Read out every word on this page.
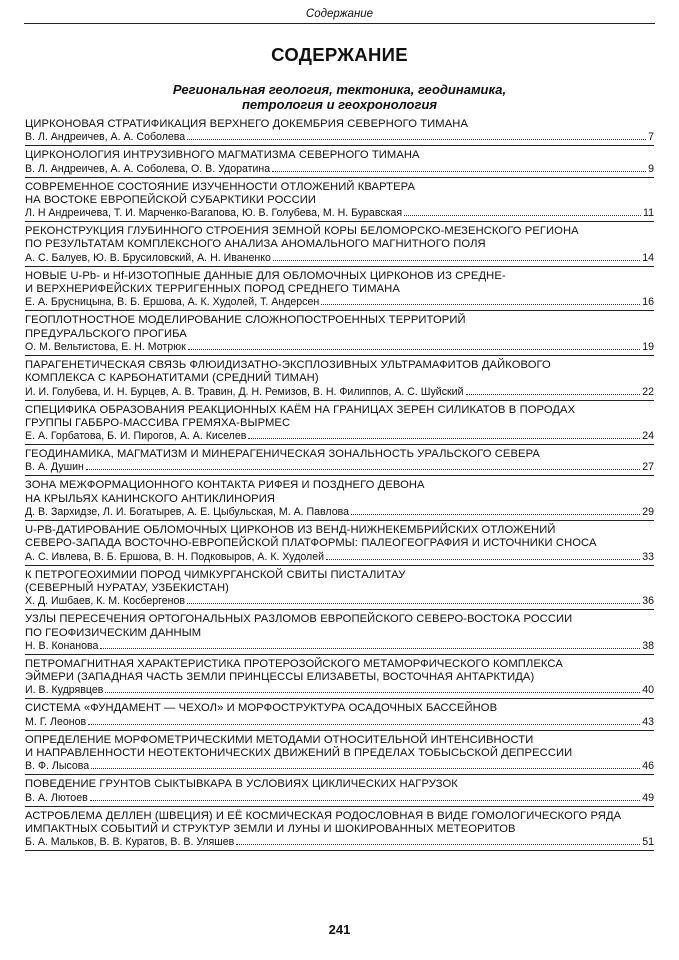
Содержание
СОДЕРЖАНИЕ
Региональная геология, тектоника, геодинамика,
петрология и геохронология
ЦИРКОНОВАЯ СТРАТИФИКАЦИЯ ВЕРХНЕГО ДОКЕМБРИЯ СЕВЕРНОГО ТИМАНА
В. Л. Андреичев, А. А. Соболева	7
ЦИРКОНОЛОГИЯ ИНТРУЗИВНОГО МАГМАТИЗМА СЕВЕРНОГО ТИМАНА
В. Л. Андреичев, А. А. Соболева, О. В. Удоратина	9
СОВРЕМЕННОЕ СОСТОЯНИЕ ИЗУЧЕННОСТИ ОТЛОЖЕНИЙ КВАРТЕРА
НА ВОСТОКЕ ЕВРОПЕЙСКОЙ СУБАРКТИКИ РОССИИ
Л. Н Андреичева, Т. И. Марченко-Вагапова, Ю. В. Голубева, М. Н. Буравская	11
РЕКОНСТРУКЦИЯ ГЛУБИННОГО СТРОЕНИЯ ЗЕМНОЙ КОРЫ БЕЛОМОРСКО-МЕЗЕНСКОГО РЕГИОНА
ПО РЕЗУЛЬТАТАМ КОМПЛЕКСНОГО АНАЛИЗА АНОМАЛЬНОГО МАГНИТНОГО ПОЛЯ
А. С. Балуев, Ю. В. Брусиловский, А. Н. Иваненко	14
НОВЫЕ U-Pb- и Hf-ИЗОТОПНЫЕ ДАННЫЕ ДЛЯ ОБЛОМОЧНЫХ ЦИРКОНОВ ИЗ СРЕДНЕ-
И ВЕРХНЕРИФЕЙСКИХ ТЕРРИГЕННЫХ ПОРОД СРЕДНЕГО ТИМАНА
Е. А. Брусницына, В. Б. Ершова, А. К. Худолей, Т. Андерсен	16
ГЕОПЛОТНОСТНОЕ МОДЕЛИРОВАНИЕ СЛОЖНОПОСТРОЕННЫХ ТЕРРИТОРИЙ
ПРЕДУРАЛЬСКОГО ПРОГИБА
О. М. Вельтистова, Е. Н. Мотрюк	19
ПАРАГЕНЕТИЧЕСКАЯ СВЯЗЬ ФЛЮИДИЗАТНО-ЭКСПЛОЗИВНЫХ УЛЬТРАМАФИТОВ ДАЙКОВОГО
КОМПЛЕКСА С КАРБОНАТИТАМИ (СРЕДНИЙ ТИМАН)
И. И. Голубева, И. Н. Бурцев, А. В. Травин, Д. Н. Ремизов, В. Н. Филиппов, А. С. Шуйский	22
СПЕЦИФИКА ОБРАЗОВАНИЯ РЕАКЦИОННЫХ КАЁМ НА ГРАНИЦАХ ЗЕРЕН СИЛИКАТОВ В ПОРОДАХ
ГРУППЫ ГАББРО-МАССИВА ГРЕМЯХА-ВЫРМЕС
Е. А. Горбатова, Б. И. Пирогов, А. А. Киселев	24
ГЕОДИНАМИКА, МАГМАТИЗМ И МИНЕРАГЕНИЧЕСКАЯ ЗОНАЛЬНОСТЬ УРАЛЬСКОГО СЕВЕРА
В. А. Душин	27
ЗОНА МЕЖФОРМАЦИОННОГО КОНТАКТА РИФЕЯ И ПОЗДНЕГО ДЕВОНА
НА КРЫЛЬЯХ КАНИНСКОГО АНТИКЛИНОРИЯ
Д. В. Зархидзе, Л. И. Богатырев, А. Е. Цыбульская, М. А. Павлова	29
U-PB-ДАТИРОВАНИЕ ОБЛОМОЧНЫХ ЦИРКОНОВ ИЗ ВЕНД-НИЖНЕКЕМБРИЙСКИХ ОТЛОЖЕНИЙ
СЕВЕРО-ЗАПАДА ВОСТОЧНО-ЕВРОПЕЙСКОЙ ПЛАТФОРМЫ: ПАЛЕОГЕОГРАФИЯ И ИСТОЧНИКИ СНОСА
А. С. Ивлева, В. Б. Ершова, В. Н. Подковыров, А. К. Худолей	33
К ПЕТРОГЕОХИМИИ ПОРОД ЧИМКУРГАНСКОЙ СВИТЫ ПИСТАЛИТАУ
(СЕВЕРНЫЙ НУРАТАУ, УЗБЕКИСТАН)
Х. Д. Ишбаев, К. М. Косбергенов	36
УЗЛЫ ПЕРЕСЕЧЕНИЯ ОРТОГОНАЛЬНЫХ РАЗЛОМОВ ЕВРОПЕЙСКОГО СЕВЕРО-ВОСТОКА РОССИИ
ПО ГЕОФИЗИЧЕСКИМ ДАННЫМ
Н. В. Конанова	38
ПЕТРОМАГНИТНАЯ ХАРАКТЕРИСТИКА ПРОТЕРОЗОЙСКОГО МЕТАМОРФИЧЕСКОГО КОМПЛЕКСА
ЭЙМЕРИ (ЗАПАДНАЯ ЧАСТЬ ЗЕМЛИ ПРИНЦЕССЫ ЕЛИЗАВЕТЫ, ВОСТОЧНАЯ АНТАРКТИДА)
И. В. Кудрявцев	40
СИСТЕМА «ФУНДАМЕНТ — ЧЕХОЛ» И МОРФОСТРУКТУРА ОСАДОЧНЫХ БАССЕЙНОВ
М. Г. Леонов	43
ОПРЕДЕЛЕНИЕ МОРФОМЕТРИЧЕСКИМИ МЕТОДАМИ ОТНОСИТЕЛЬНОЙ ИНТЕНСИВНОСТИ
И НАПРАВЛЕННОСТИ НЕОТЕКТОНИЧЕСКИХ ДВИЖЕНИЙ В ПРЕДЕЛАХ ТОБЫСЬСКОЙ ДЕПРЕССИИ
В. Ф. Лысова	46
ПОВЕДЕНИЕ ГРУНТОВ СЫКТЫВКАРА В УСЛОВИЯХ ЦИКЛИЧЕСКИХ НАГРУЗОК
В. А. Лютоев	49
АСТРОБЛЕМА ДЕЛЛЕН (ШВЕЦИЯ) И ЕЁ КОСМИЧЕСКАЯ РОДОСЛОВНАЯ В ВИДЕ ГОМОЛОГИЧЕСКОГО РЯДА
ИМПАКТНЫХ СОБЫТИЙ И СТРУКТУР ЗЕМЛИ И ЛУНЫ И ШОКИРОВАННЫХ МЕТЕОРИТОВ
Б. А. Мальков, В. В. Куратов, В. В. Уляшев	51
241
